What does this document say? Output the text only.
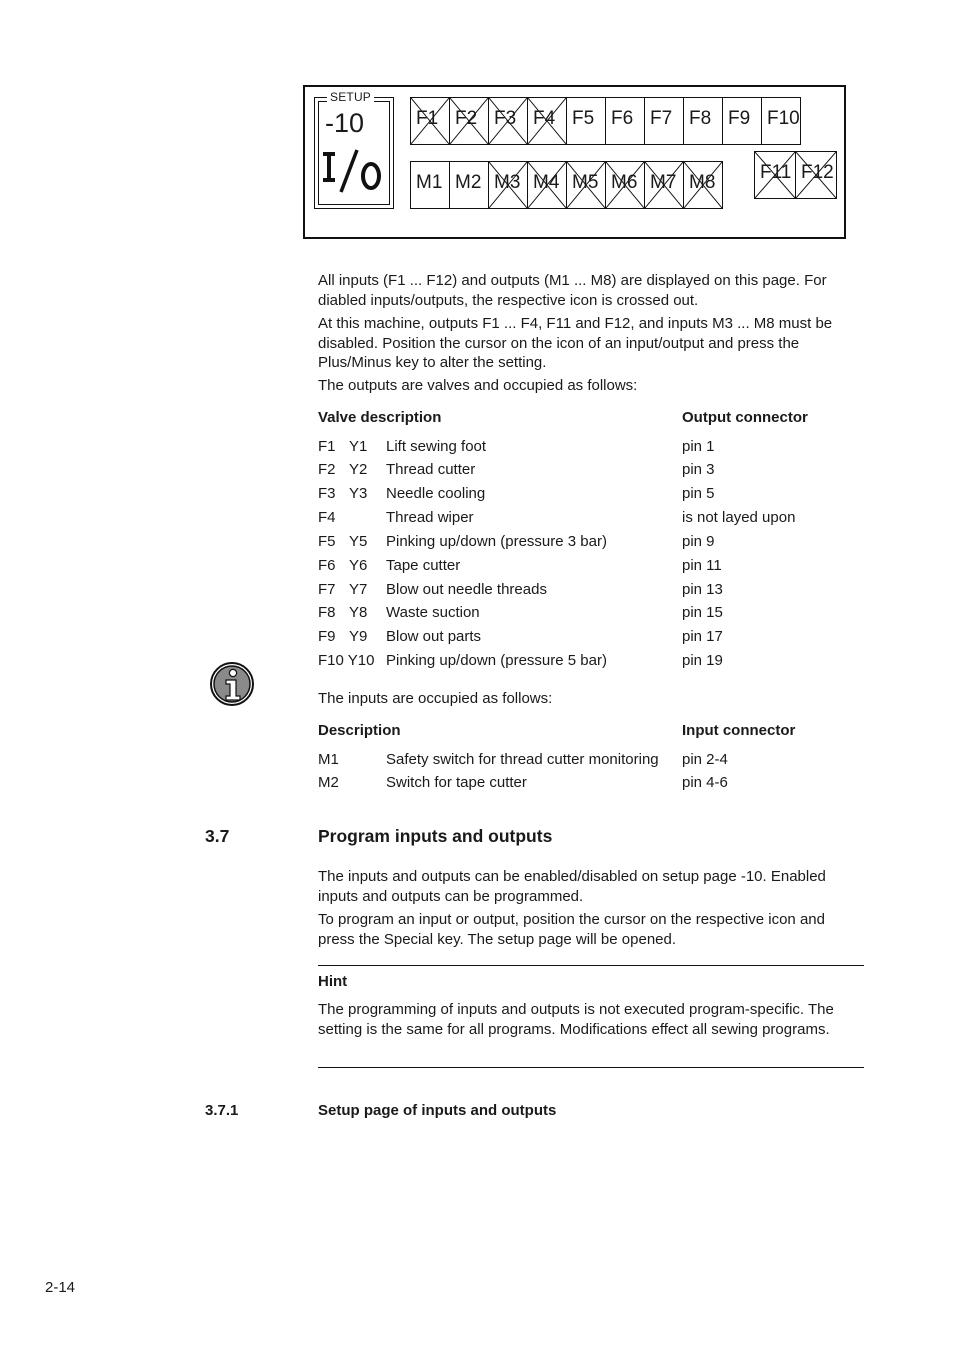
SETUP
-10	F1 F2 F3 F4 F5 F6 F7 F8 F9 F10
M1 M2 M3 M4 M5 M6 M7 M8 F11 F12
All inputs (F1 ... F12) and outputs (M1 ... M8) are displayed on this page. For diabled inputs/outputs, the respective icon is crossed out.
At this machine, outputs F1 ... F4, F11 and F12, and inputs M3 ... M8 must be disabled. Position the cursor on the icon of an input/output and press the Plus/Minus key to alter the setting.
The outputs are valves and occupied as follows:
Valve description	Output connector
F1 Y1 Lift sewing foot	pin 1
F2 Y2 Thread cutter	pin 3
F3 Y3 Needle cooling	pin 5
F4	Thread wiper	is not layed upon
F5 Y5 Pinking up/down (pressure 3 bar)	pin 9
F6 Y6 Tape cutter	pin 11
F7 Y7 Blow out needle threads	pin 13
F8 Y8 Waste suction	pin 15
F9 Y9 Blow out parts	pin 17
F10 Y10 Pinking up/down (pressure 5 bar)	pin 19
The inputs are occupied as follows:
Description	Input connector
M1	Safety switch for thread cutter monitoring pin 2-4
M2	Switch for tape cutter	pin 4-6
3.7	Program inputs and outputs
The inputs and outputs can be enabled/disabled on setup page -10. Enabled inputs and outputs can be programmed.
To program an input or output, position the cursor on the respective icon and press the Special key. The setup page will be opened.
Hint
The programming of inputs and outputs is not executed program-specific. The setting is the same for all programs. Modifications effect all sewing programs.
3.7.1	Setup page of inputs and outputs
2-14
